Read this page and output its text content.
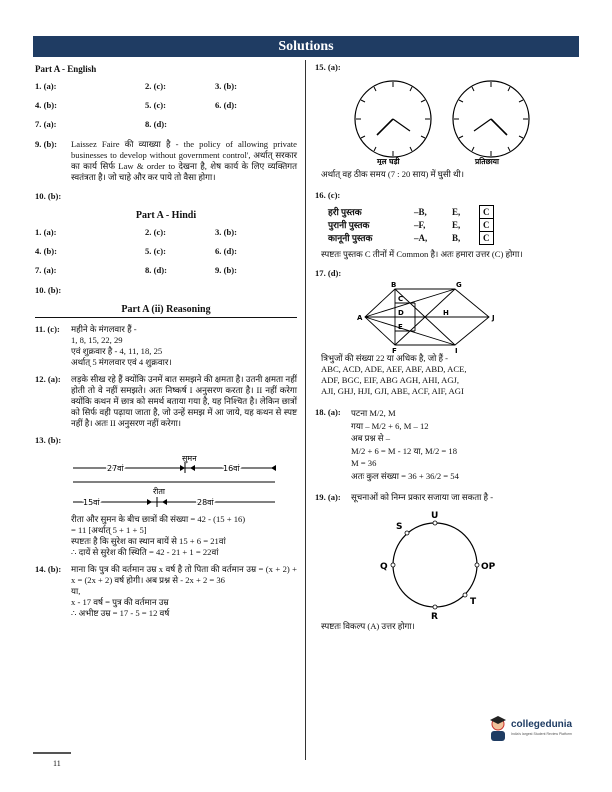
Solutions
Part A - English
1. (a):	2. (c):	3. (b):
4. (b):	5. (c):	6. (d):
7. (a):	8. (d):
9. (b):	Laissez Faire की व्याख्या है - the policy of allowing private businesses to develop without government control', अर्थात् सरकार का कार्य सिर्फ Law & order to देखना है, शेष कार्य के लिए व्यक्तिगत स्वतंत्रता है। जो चाहे और कर पाये तो वैसा होगा।
10. (b):
Part A - Hindi
1. (a):	2. (c):	3. (b):
4. (b):	5. (c):	6. (d):
7. (a):	8. (d):	9. (b):
10. (b):
Part A (ii) Reasoning
11. (c):	महीने के मंगलवार हैं -
1, 8, 15, 22, 29
एवं शुक्रवार है - 4, 11, 18, 25
अर्थात् 5 मंगलवार एवं 4 शुक्रवार।
12. (a):	लड़के सीख रहे हैं क्योंकि उनमें बात समझने की क्षमता है। उतनी क्षमता नहीं होती तो वे नहीं समझते। अतः निष्कर्ष I अनुसरण करता है। II नहीं करेगा क्योंकि कथन में छात्र को समर्थ बताया गया है, यह निश्चित है। लेकिन छात्रों को सिर्फ वही पढ़ाया जाता है, जो उन्हें समझ में आ जाये, यह कथन से स्पष्ट नहीं है। अतः II अनुसरण नहीं करेगा।
13. (b):
सुमन
27वां	16वां
रीता
15वां	28वां
रीता और सुमन के बीच छात्रों की संख्या = 42 - (15 + 16)
= 11 [अर्थात् 5 + 1 + 5]
स्पष्टतः है कि सुरेश का स्थान बायें से 15 + 6 = 21वां
∴ दायें से सुरेश की स्थिति = 42 - 21 + 1 = 22वां
14. (b):	माना कि पुत्र की वर्तमान उम्र x वर्ष है तो पिता की वर्तमान उम्र = (x + 2) + x = (2x + 2) वर्ष होगी। अब प्रश्न से - 2x + 2 = 36
या,
x - 17 वर्ष = पुत्र की वर्तमान उम्र
∴ अभीष्ट उम्र = 17 - 5 = 12 वर्ष
15. (a):
मूल घड़ी	प्रतिछाया
अर्थात् वह ठीक समय (7 : 20 साय) में घुसी थी।
16. (c):
हरी पुस्तक	–B,	E,	C
पुरानी पुस्तक	–F,	E,	C
कानूनी पुस्तक	–A,	B,	C
स्पष्टतः पुस्तक C तीनों में Common है। अतः हमारा उत्तर (C) होगा।
17. (d):
A
B
C
D
E
F
G
H
I
J
त्रिभुजों की संख्या 22 या अधिक है, जो हैं -
ABC, ACD, ADE, AEF, ABF, ABD, ACE,
ADF, BGC, EIF, ABG AGH, AHI, AGJ,
AJI, GHJ, HJI, GJI, ABE, ACF, AIF, AGI
18. (a):	पटना M/2, M
गया – M/2 + 6, M – 12
अब प्रश्न से –
M/2 + 6 = M - 12 या, M/2 = 18
M = 36
अतः कुल संख्या = 36 + 36/2 = 54
19. (a):	सूचनाओं को निम्न प्रकार सजाया जा सकता है -
U
S
Q	OP
T
R
स्पष्टतः विकल्प (A) उत्तर होगा।
11
collegedunia
India's largest Student Review Platform
